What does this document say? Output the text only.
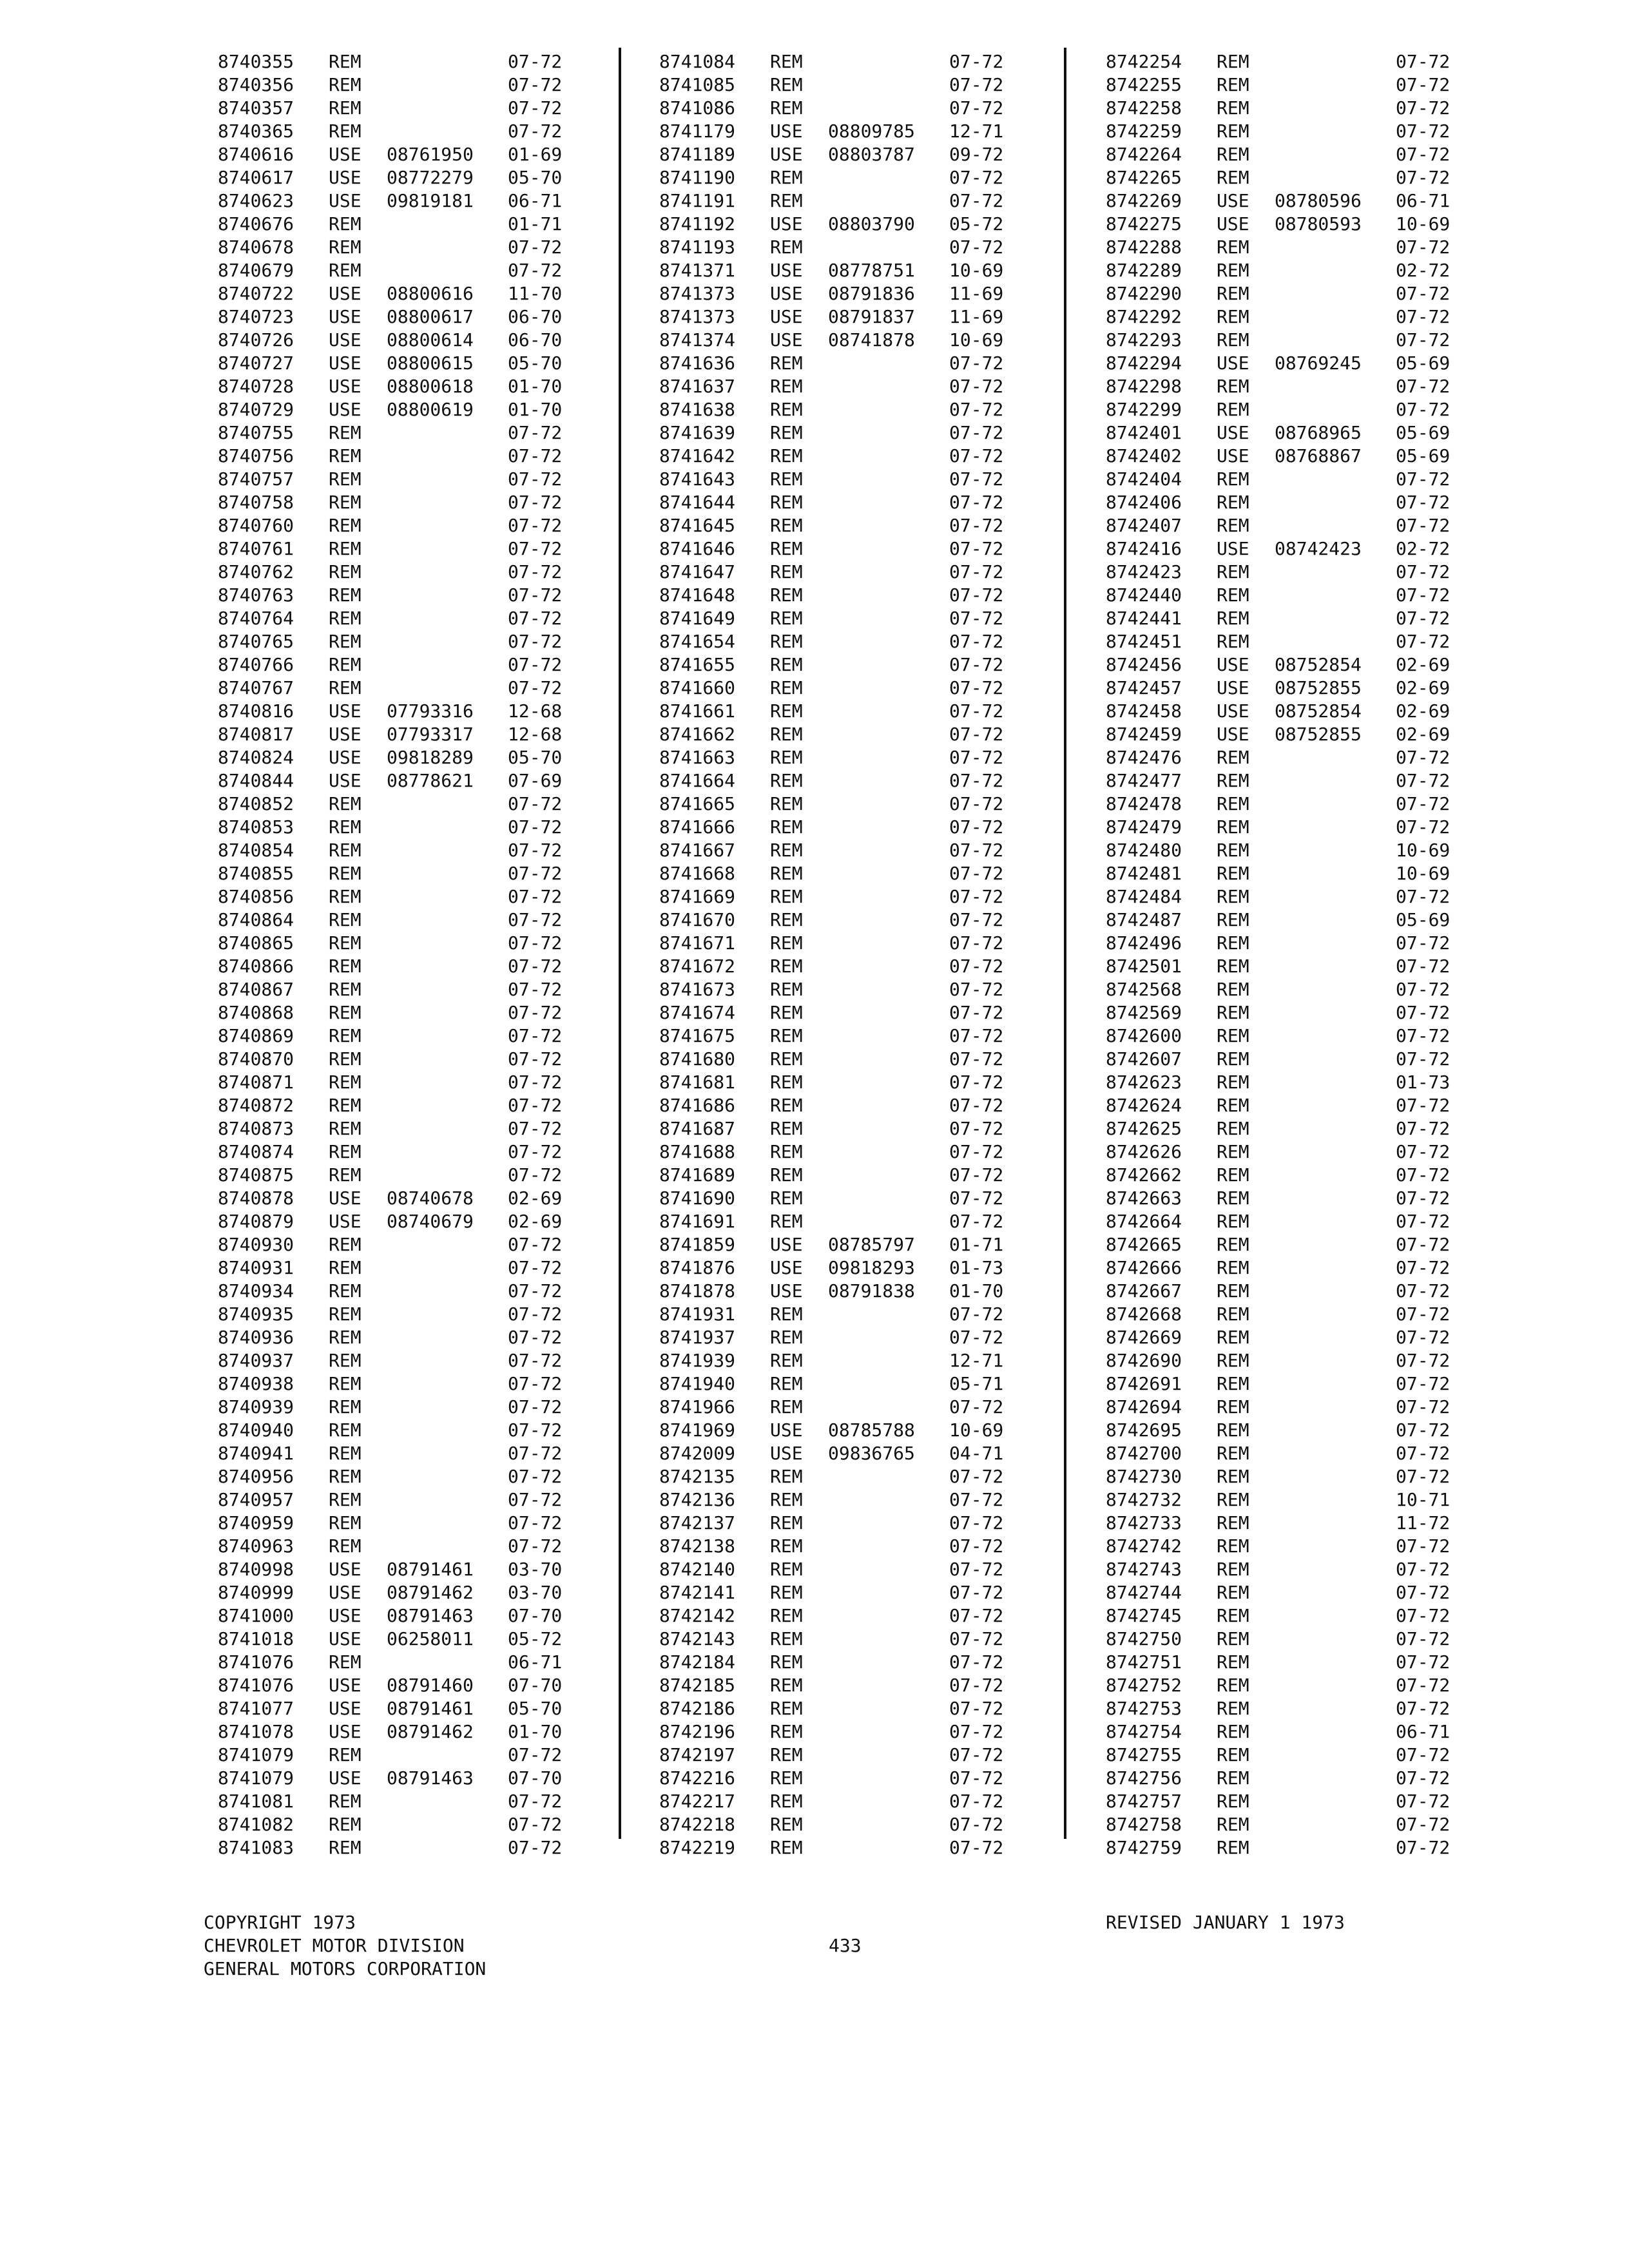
8740355 REM	07-72
8740356 REM	07-72
8740357 REM	07-72
8740365 REM	07-72
8740616 USE 08761950 01-69
8740617 USE 08772279 05-70
8740623 USE 09819181 06-71
8740676 REM	01-71
8740678 REM	07-72
8740679 REM	07-72
8740722 USE 08800616 11-70
8740723 USE 08800617 06-70
8740726 USE 08800614 06-70
8740727 USE 08800615 05-70
8740728 USE 08800618 01-70
8740729 USE 08800619 01-70
8740755 REM	07-72
8740756 REM	07-72
8740757 REM	07-72
8740758 REM	07-72
8740760 REM	07-72
8740761 REM	07-72
8740762 REM	07-72
8740763 REM	07-72
8740764 REM	07-72
8740765 REM	07-72
8740766 REM	07-72
8740767 REM	07-72
8740816 USE 07793316 12-68
8740817 USE 07793317 12-68
8740824 USE 09818289 05-70
8740844 USE 08778621 07-69
8740852 REM	07-72
8740853 REM	07-72
8740854 REM	07-72
8740855 REM	07-72
8740856 REM	07-72
8740864 REM	07-72
8740865 REM	07-72
8740866 REM	07-72
8740867 REM	07-72
8740868 REM	07-72
8740869 REM	07-72
8740870 REM	07-72
8740871 REM	07-72
8740872 REM	07-72
8740873 REM	07-72
8740874 REM	07-72
8740875 REM	07-72
8740878 USE 08740678 02-69
8740879 USE 08740679 02-69
8740930 REM	07-72
8740931 REM	07-72
8740934 REM	07-72
8740935 REM	07-72
8740936 REM	07-72
8740937 REM	07-72
8740938 REM	07-72
8740939 REM	07-72
8740940 REM	07-72
8740941 REM	07-72
8740956 REM	07-72
8740957 REM	07-72
8740959 REM	07-72
8740963 REM	07-72
8740998 USE 08791461 03-70
8740999 USE 08791462 03-70
8741000 USE 08791463 07-70
8741018 USE 06258011 05-72
8741076 REM	06-71
8741076 USE 08791460 07-70
8741077 USE 08791461 05-70
8741078 USE 08791462 01-70
8741079 REM	07-72
8741079 USE 08791463 07-70
8741081 REM	07-72
8741082 REM	07-72
8741083 REM	07-72
8741084 REM	07-72
8741085 REM	07-72
8741086 REM	07-72
8741179 USE 08809785 12-71
8741189 USE 08803787 09-72
8741190 REM	07-72
8741191 REM	07-72
8741192 USE 08803790 05-72
8741193 REM	07-72
8741371 USE 08778751 10-69
8741373 USE 08791836 11-69
8741373 USE 08791837 11-69
8741374 USE 08741878 10-69
8741636 REM	07-72
8741637 REM	07-72
8741638 REM	07-72
8741639 REM	07-72
8741642 REM	07-72
8741643 REM	07-72
8741644 REM	07-72
8741645 REM	07-72
8741646 REM	07-72
8741647 REM	07-72
8741648 REM	07-72
8741649 REM	07-72
8741654 REM	07-72
8741655 REM	07-72
8741660 REM	07-72
8741661 REM	07-72
8741662 REM	07-72
8741663 REM	07-72
8741664 REM	07-72
8741665 REM	07-72
8741666 REM	07-72
8741667 REM	07-72
8741668 REM	07-72
8741669 REM	07-72
8741670 REM	07-72
8741671 REM	07-72
8741672 REM	07-72
8741673 REM	07-72
8741674 REM	07-72
8741675 REM	07-72
8741680 REM	07-72
8741681 REM	07-72
8741686 REM	07-72
8741687 REM	07-72
8741688 REM	07-72
8741689 REM	07-72
8741690 REM	07-72
8741691 REM	07-72
8741859 USE 08785797 01-71
8741876 USE 09818293 01-73
8741878 USE 08791838 01-70
8741931 REM	07-72
8741937 REM	07-72
8741939 REM	12-71
8741940 REM	05-71
8741966 REM	07-72
8741969 USE 08785788 10-69
8742009 USE 09836765 04-71
8742135 REM	07-72
8742136 REM	07-72
8742137 REM	07-72
8742138 REM	07-72
8742140 REM	07-72
8742141 REM	07-72
8742142 REM	07-72
8742143 REM	07-72
8742184 REM	07-72
8742185 REM	07-72
8742186 REM	07-72
8742196 REM	07-72
8742197 REM	07-72
8742216 REM	07-72
8742217 REM	07-72
8742218 REM	07-72
8742219 REM	07-72
8742254 REM	07-72
8742255 REM	07-72
8742258 REM	07-72
8742259 REM	07-72
8742264 REM	07-72
8742265 REM	07-72
8742269 USE 08780596 06-71
8742275 USE 08780593 10-69
8742288 REM	07-72
8742289 REM	02-72
8742290 REM	07-72
8742292 REM	07-72
8742293 REM	07-72
8742294 USE 08769245 05-69
8742298 REM	07-72
8742299 REM	07-72
8742401 USE 08768965 05-69
8742402 USE 08768867 05-69
8742404 REM	07-72
8742406 REM	07-72
8742407 REM	07-72
8742416 USE 08742423 02-72
8742423 REM	07-72
8742440 REM	07-72
8742441 REM	07-72
8742451 REM	07-72
8742456 USE 08752854 02-69
8742457 USE 08752855 02-69
8742458 USE 08752854 02-69
8742459 USE 08752855 02-69
8742476 REM	07-72
8742477 REM	07-72
8742478 REM	07-72
8742479 REM	07-72
8742480 REM	10-69
8742481 REM	10-69
8742484 REM	07-72
8742487 REM	05-69
8742496 REM	07-72
8742501 REM	07-72
8742568 REM	07-72
8742569 REM	07-72
8742600 REM	07-72
8742607 REM	07-72
8742623 REM	01-73
8742624 REM	07-72
8742625 REM	07-72
8742626 REM	07-72
8742662 REM	07-72
8742663 REM	07-72
8742664 REM	07-72
8742665 REM	07-72
8742666 REM	07-72
8742667 REM	07-72
8742668 REM	07-72
8742669 REM	07-72
8742690 REM	07-72
8742691 REM	07-72
8742694 REM	07-72
8742695 REM	07-72
8742700 REM	07-72
8742730 REM	07-72
8742732 REM	10-71
8742733 REM	11-72
8742742 REM	07-72
8742743 REM	07-72
8742744 REM	07-72
8742745 REM	07-72
8742750 REM	07-72
8742751 REM	07-72
8742752 REM	07-72
8742753 REM	07-72
8742754 REM	06-71
8742755 REM	07-72
8742756 REM	07-72
8742757 REM	07-72
8742758 REM	07-72
8742759 REM	07-72
COPYRIGHT 1973
CHEVROLET MOTOR DIVISION
GENERAL MOTORS CORPORATION
433
REVISED JANUARY 1 1973
